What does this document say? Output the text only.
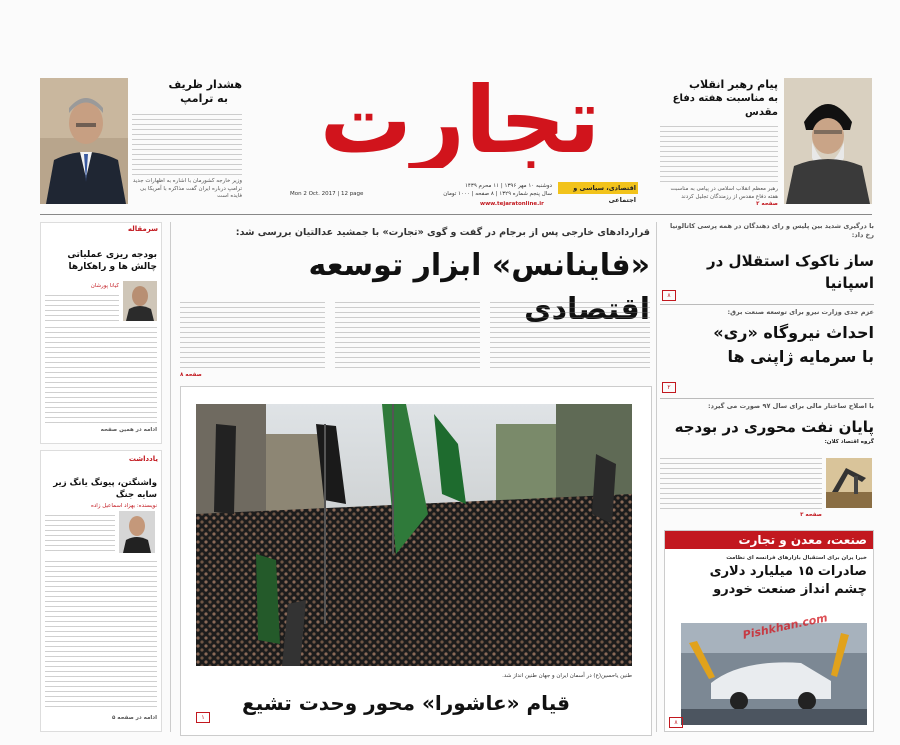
هشدار ظریف
به ترامپ
وزیر خارجه کشورمان با اشاره به اظهارات جدید ترامپ درباره ایران گفت مذاکره با آمریکا بی فایده است
تجارت
اقتصادی، سیاسی و اجتماعی
دوشنبه ۱۰ مهر ۱۳۹۶ | ۱۱ محرم ۱۴۳۹
Mon 2 Oct. 2017 | 12 page	سال پنجم شماره ۱۳۲۹ | ۸ صفحه | ۱۰۰۰ تومان
www.tejaratonline.ir
پیام رهبر انقلاب
به مناسبت هفته دفاع مقدس
رهبر معظم انقلاب اسلامی در پیامی به مناسبت هفته دفاع مقدس از رزمندگان تجلیل کردند
صفحه ۲
سرمقاله
بودجه ریزی عملیاتی چالش ها و راهکارها
کیانا پورشان
ادامه در همین صفحه
یادداشت
واشنگتن، پیونگ یانگ زیر سایه جنگ
نویسنده: بهزاد اسماعیل زاده
ادامه در صفحه ۵
قراردادهای خارجی پس از برجام در گفت و گوی «تجارت» با جمشید عدالتیان بررسی شد:
«فاینانس» ابزار توسعه اقتصادی
صفحه ۸
طنین یاحسین(ع) در آسمان ایران و جهان طنین انداز شد.
قیام «عاشورا» محور وحدت تشیع
۱
با درگیری شدید بین پلیس و رای دهندگان در همه پرسی کاتالونیا رخ داد:
ساز ناکوک استقلال در اسپانیا
۸
عزم جدی وزارت نیرو برای توسعه صنعت برق:
احداث نیروگاه «ری»
با سرمایه ژاپنی ها
۲
با اصلاح ساختار مالی برای سال ۹۷ صورت می گیرد:
پایان نفت محوری در بودجه
گروه اقتصاد کلان:
صفحه ۳
صنعت، معدن و تجارت
خبرا یران برای استقبال بازارهای فرانسه ای نظامت
صادرات ۱۵ میلیارد دلاری
چشم انداز صنعت خودرو
۸
Pishkhan.com
